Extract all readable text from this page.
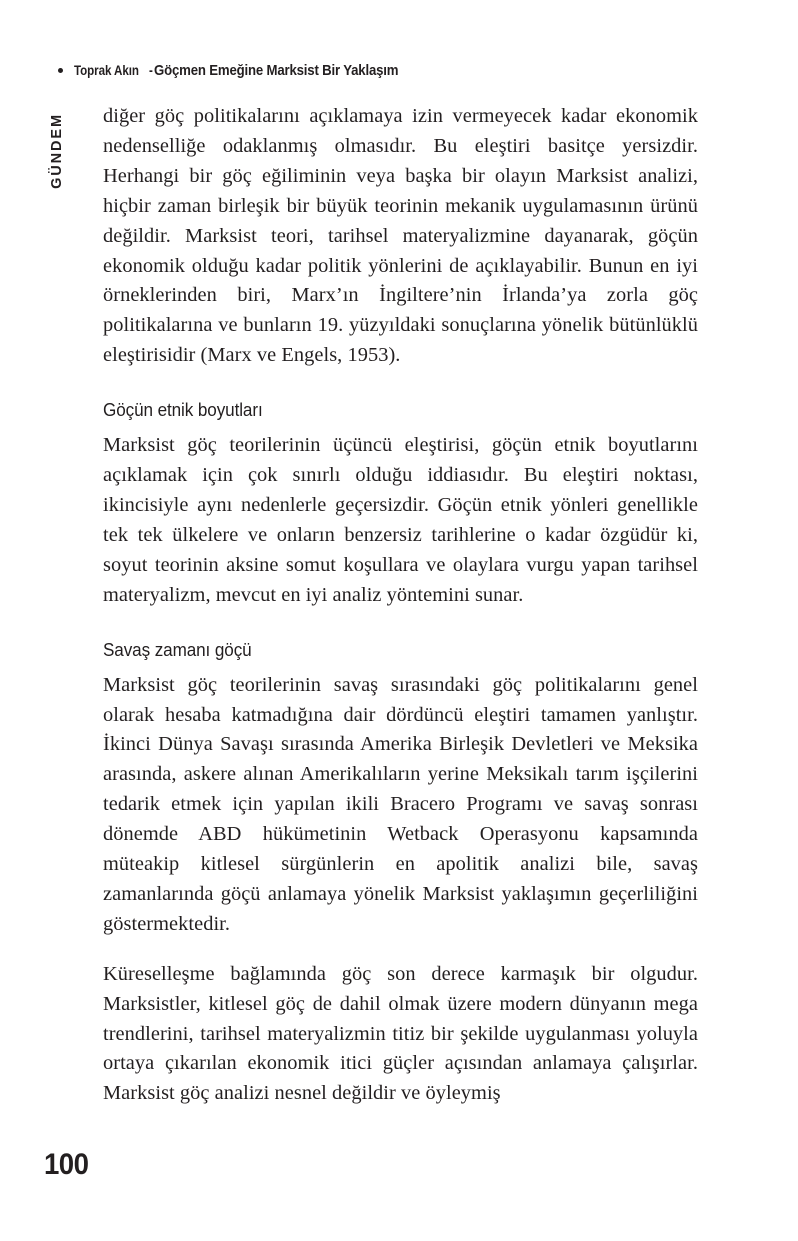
Toprak Akın - Göçmen Emeğine Marksist Bir Yaklaşım
GÜNDEM diğer göç politikalarını açıklamaya izin vermeyecek kadar ekonomik nedenselliğe odaklanmış olmasıdır. Bu eleştiri basitçe yersizdir. Herhangi bir göç eğiliminin veya başka bir olayın Marksist analizi, hiçbir zaman birleşik bir büyük teorinin mekanik uygulamasının ürünü değildir. Marksist teori, tarihsel materyalizmine dayanarak, göçün ekonomik olduğu kadar politik yönlerini de açıklayabilir. Bunun en iyi örneklerinden biri, Marx’ın İngiltere’nin İrlanda’ya zorla göç politikalarına ve bunların 19. yüzyıldaki sonuçlarına yönelik bütünlüklü eleştirisidir (Marx ve Engels, 1953).

Göçün etnik boyutları

Marksist göç teorilerinin üçüncü eleştirisi, göçün etnik boyutlarını açıklamak için çok sınırlı olduğu iddiasıdır. Bu eleştiri noktası, ikincisiyle aynı nedenlerle geçersizdir. Göçün etnik yönleri genellikle tek tek ülkelere ve onların benzersiz tarihlerine o kadar özgüdür ki, soyut teorinin aksine somut koşullara ve olaylara vurgu yapan tarihsel materyalizm, mevcut en iyi analiz yöntemini sunar.

Savaş zamanı göçü

Marksist göç teorilerinin savaş sırasındaki göç politikalarını genel olarak hesaba katmadığına dair dördüncü eleştiri tamamen yanlıştır. İkinci Dünya Savaşı sırasında Amerika Birleşik Devletleri ve Meksika arasında, askere alınan Amerikalıların yerine Meksikalı tarım işçilerini tedarik etmek için yapılan ikili Bracero Programı ve savaş sonrası dönemde ABD hükümetinin Wetback Operasyonu kapsamında müteakip kitlesel sürgünlerin en apolitik analizi bile, savaş zamanlarında göçü anlamaya yönelik Marksist yaklaşımın geçerliliğini göstermektedir.

Küreselleşme bağlamında göç son derece karmaşık bir olgudur. Marksistler, kitlesel göç de dahil olmak üzere modern dünyanın mega trendlerini, tarihsel materyalizmin titiz bir şekilde uygulanması yoluyla ortaya çıkarılan ekonomik itici güçler açısından anlamaya çalışırlar. Marksist göç analizi nesnel değildir ve öyleymiş

100
